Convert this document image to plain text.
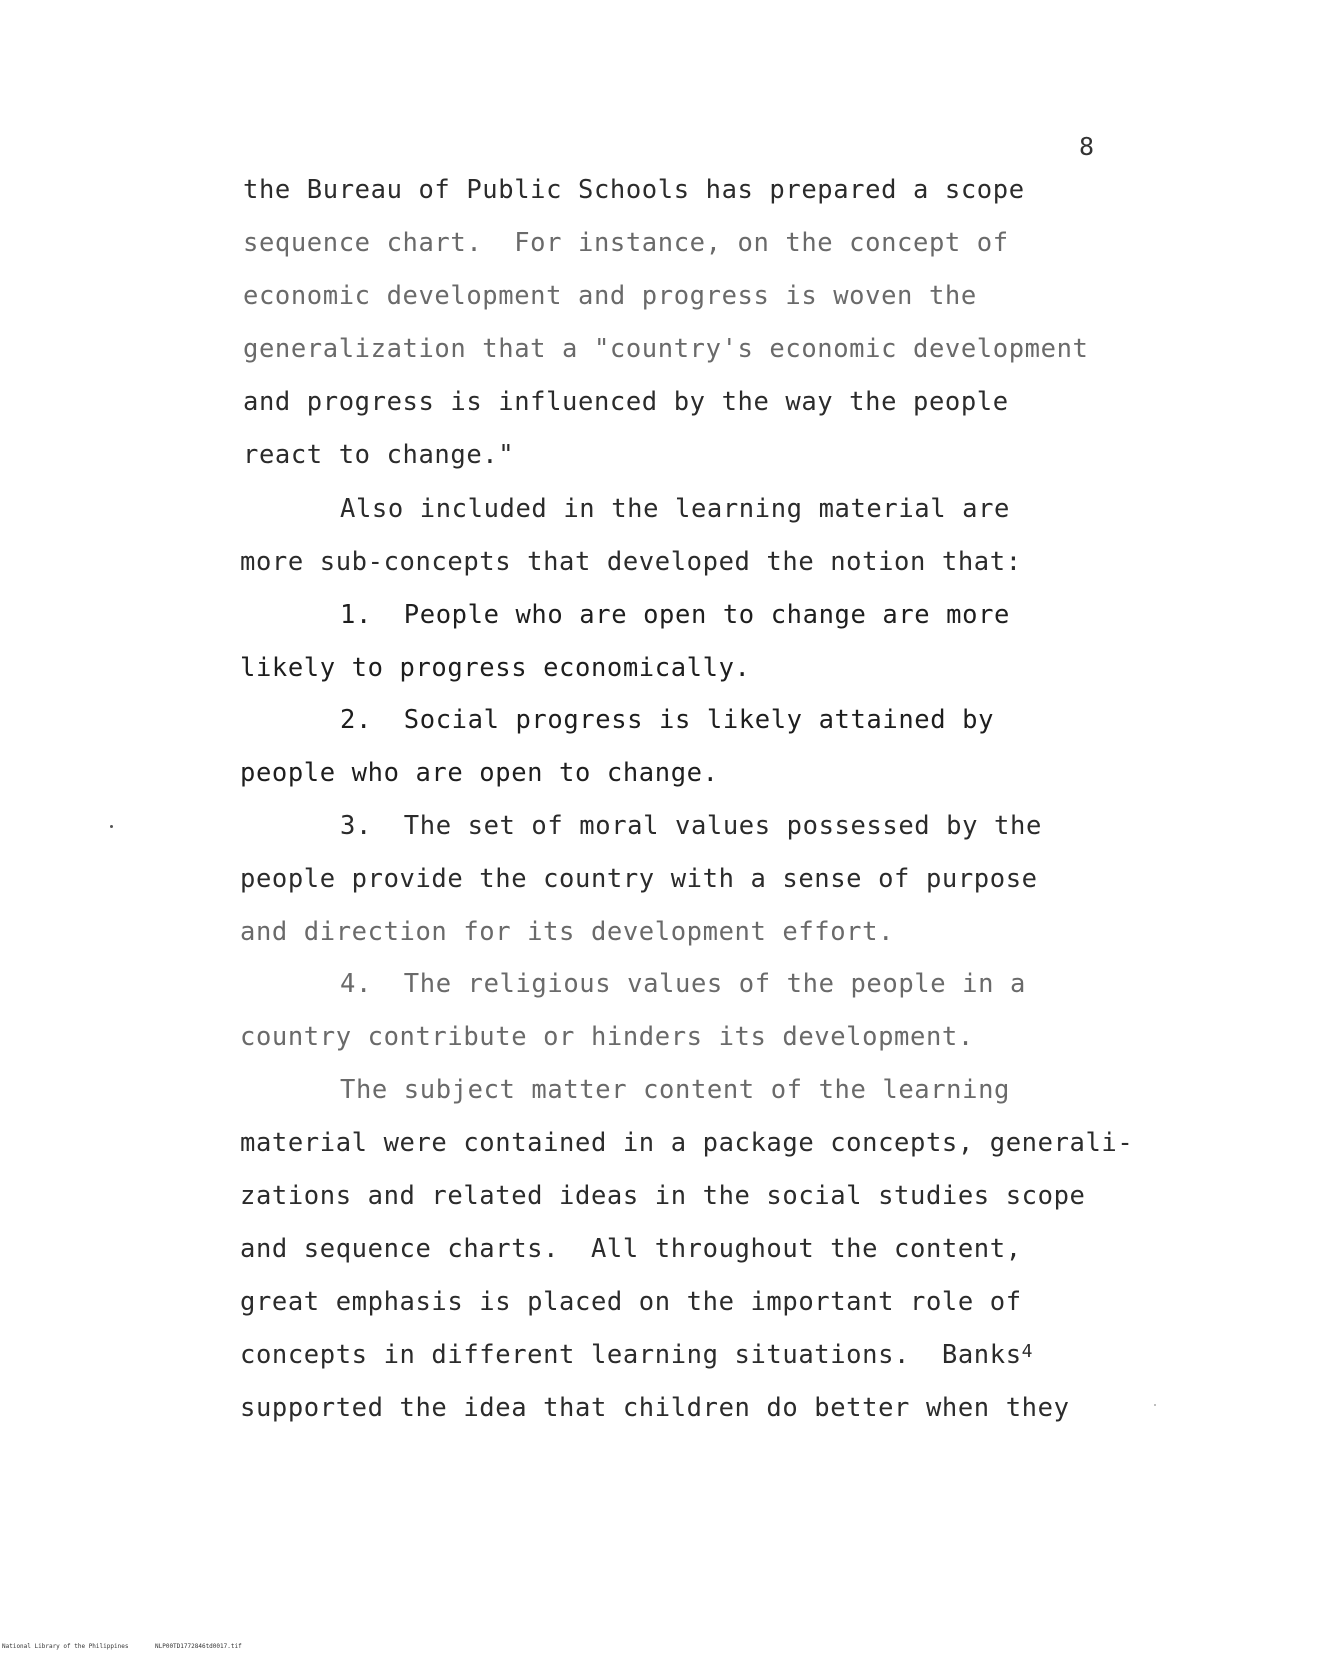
8
the Bureau of Public Schools has prepared a scope
sequence chart.  For instance, on the concept of
economic development and progress is woven the
generalization that a "country's economic development
and progress is influenced by the way the people
react to change."
Also included in the learning material are
more sub-concepts that developed the notion that:
1.  People who are open to change are more
likely to progress economically.
2.  Social progress is likely attained by
people who are open to change.
3.  The set of moral values possessed by the
people provide the country with a sense of purpose
and direction for its development effort.
4.  The religious values of the people in a
country contribute or hinders its development.
The subject matter content of the learning
material were contained in a package concepts, generali-
zations and related ideas in the social studies scope
and sequence charts.  All throughout the content,
great emphasis is placed on the important role of
concepts in different learning situations.  Banks$^4$
supported the idea that children do better when they
National Library of the Philippines	NLP00TD1772846td0017.tif
